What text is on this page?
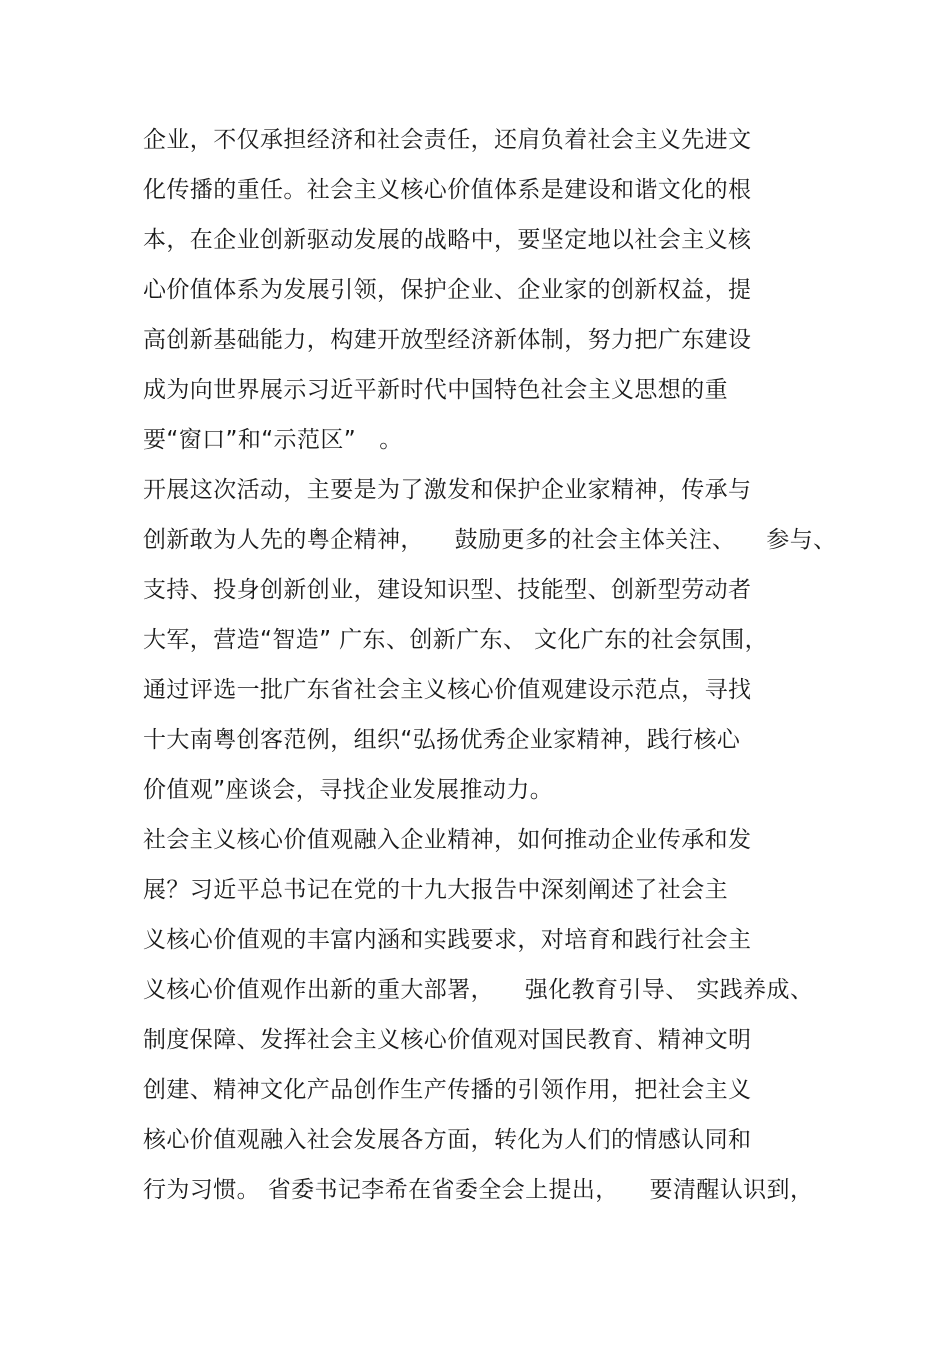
企业，不仅承担经济和社会责任，还肩负着社会主义先进文
化传播的重任。社会主义核心价值体系是建设和谐文化的根
本，在企业创新驱动发展的战略中，要坚定地以社会主义核
心价值体系为发展引领，保护企业、企业家的创新权益，提
高创新基础能力，构建开放型经济新体制，努力把广东建设
成为向世界展示习近平新时代中国特色社会主义思想的重
要“窗口”和“示范区”   。
开展这次活动，主要是为了激发和保护企业家精神，传承与
创新敢为人先的粤企精神，    鼓励更多的社会主体关注、    参与、
支持、投身创新创业，建设知识型、技能型、创新型劳动者
大军，营造“智造” 广东、创新广东、 文化广东的社会氛围，
通过评选一批广东省社会主义核心价值观建设示范点，寻找
十大南粤创客范例，组织“弘扬优秀企业家精神，践行核心
价值观”座谈会，寻找企业发展推动力。
社会主义核心价值观融入企业精神，如何推动企业传承和发
展？习近平总书记在党的十九大报告中深刻阐述了社会主
义核心价值观的丰富内涵和实践要求，对培育和践行社会主
义核心价值观作出新的重大部署，    强化教育引导、 实践养成、
制度保障、发挥社会主义核心价值观对国民教育、精神文明
创建、精神文化产品创作生产传播的引领作用，把社会主义
核心价值观融入社会发展各方面，转化为人们的情感认同和
行为习惯。 省委书记李希在省委全会上提出，    要清醒认识到，
